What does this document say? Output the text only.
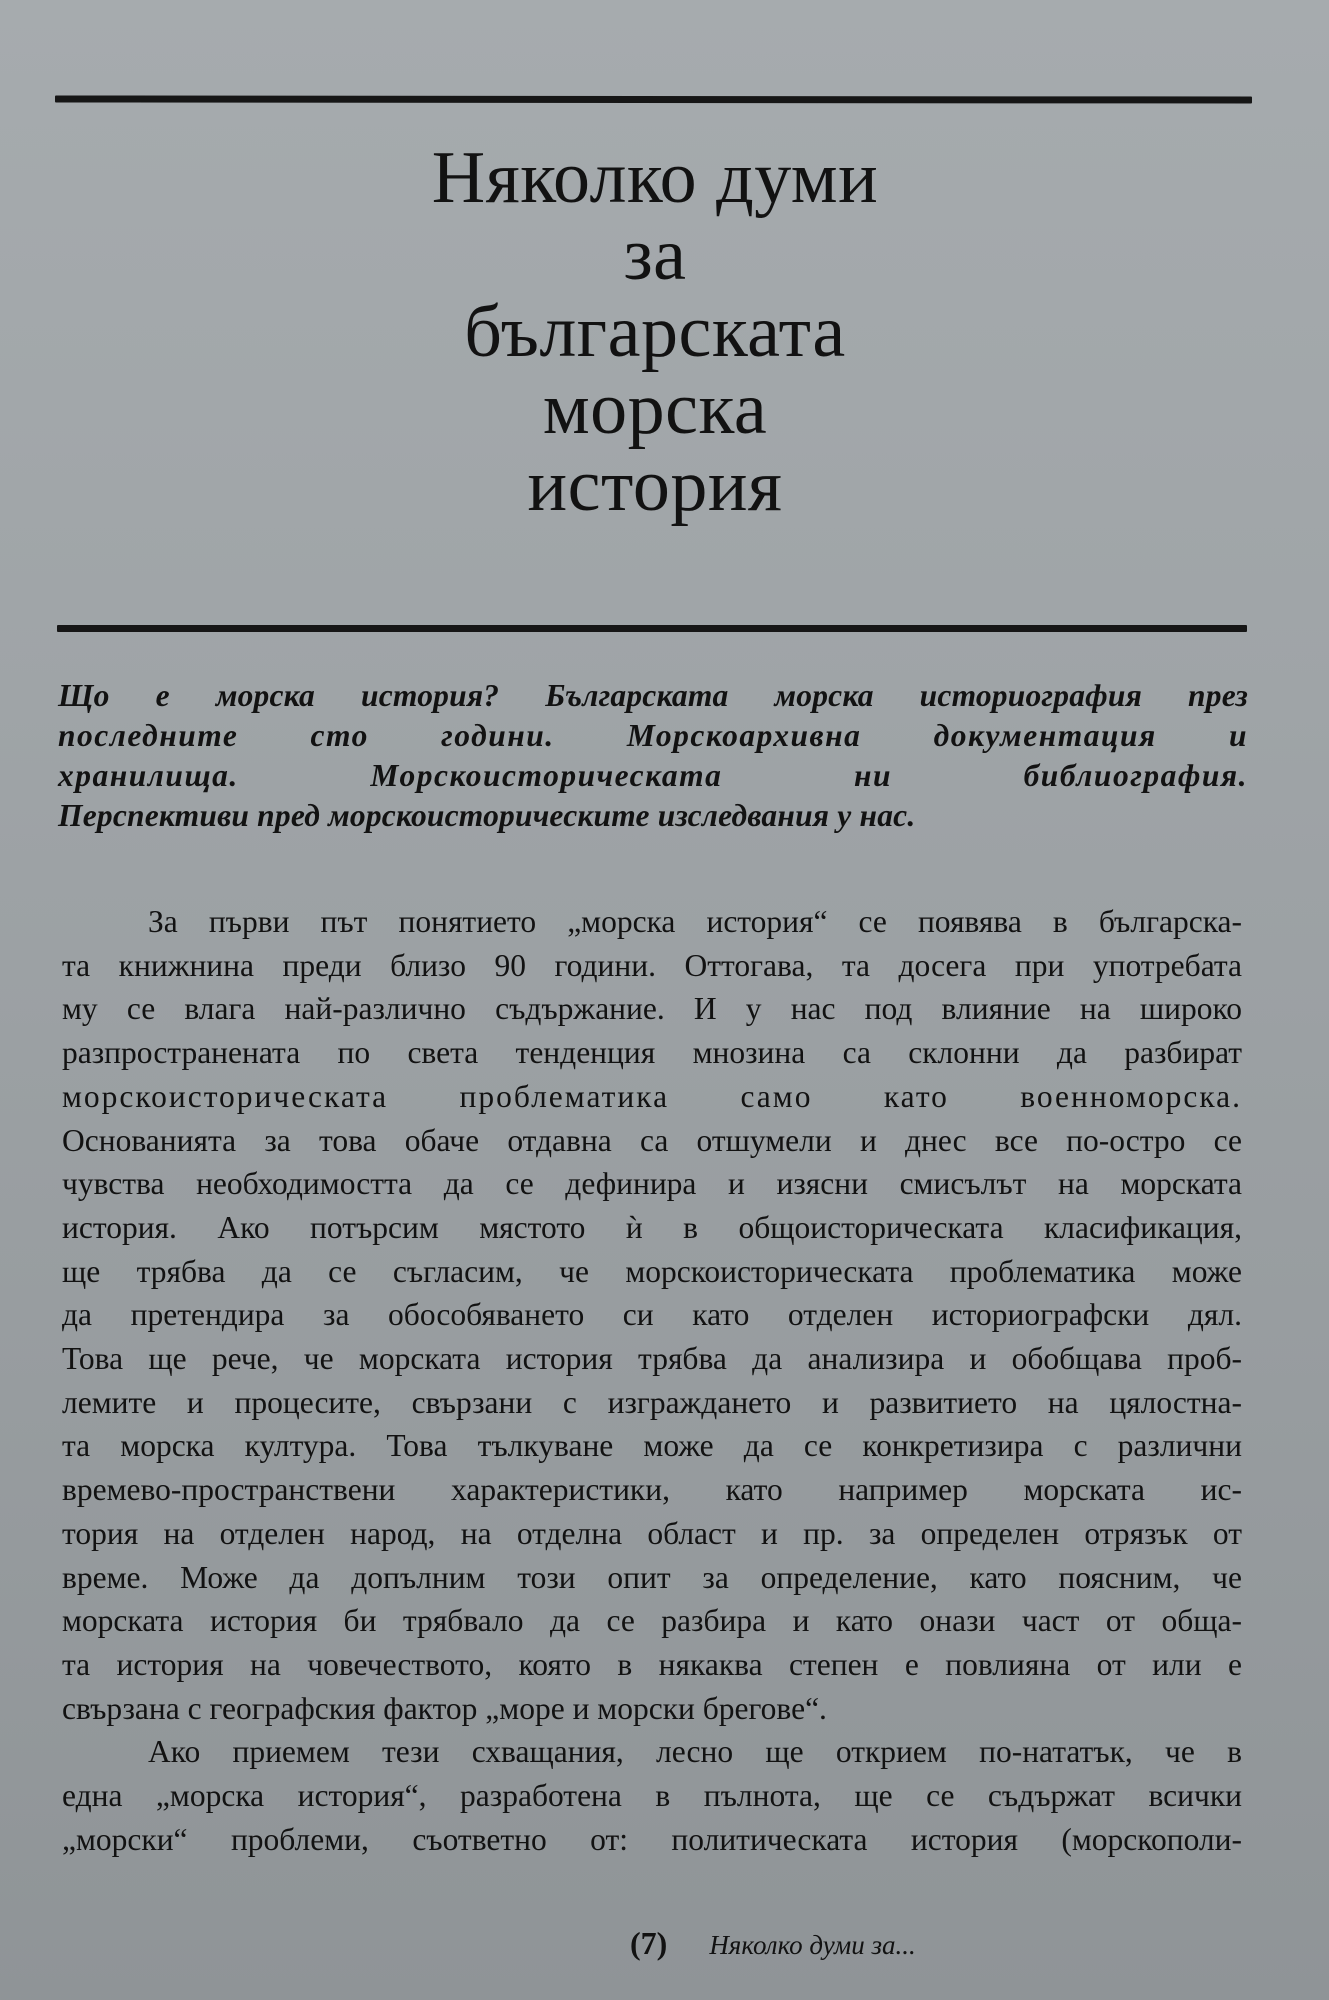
Няколко думи
за
българската
морска
история
Що е морска история? Българската морска историография през
последните сто години. Морскоархивна документация и
хранилища. Морскоисторическата ни библиография.
Перспективи пред морскоисторическите изследвания у нас.
За първи път понятието „морска история“ се появява в българска-
та книжнина преди близо 90 години. Оттогава, та досега при употребата
му се влага най-различно съдържание. И у нас под влияние на широко
разпространената по света тенденция мнозина са склонни да разбират
морскоисторическата проблематика само като военноморска.
Основанията за това обаче отдавна са отшумели и днес все по-остро се
чувства необходимостта да се дефинира и изясни смисълът на морската
история. Ако потърсим мястото ѝ в общоисторическата класификация,
ще трябва да се съгласим, че морскоисторическата проблематика може
да претендира за обособяването си като отделен историографски дял.
Това ще рече, че морската история трябва да анализира и обобщава проб-
лемите и процесите, свързани с изграждането и развитието на цялостна-
та морска култура. Това тълкуване може да се конкретизира с различни
времево-пространствени характеристики, като например морската ис-
тория на отделен народ, на отделна област и пр. за определен отрязък от
време. Може да допълним този опит за определение, като поясним, че
морската история би трябвало да се разбира и като онази част от обща-
та история на човечеството, която в някаква степен е повлияна от или е
свързана с географския фактор „море и морски брегове“.
Ако приемем тези схващания, лесно ще открием по-нататък, че в
една „морска история“, разработена в пълнота, ще се съдържат всички
„морски“ проблеми, съответно от: политическата история (морскополи-
(7) Няколко думи за...
